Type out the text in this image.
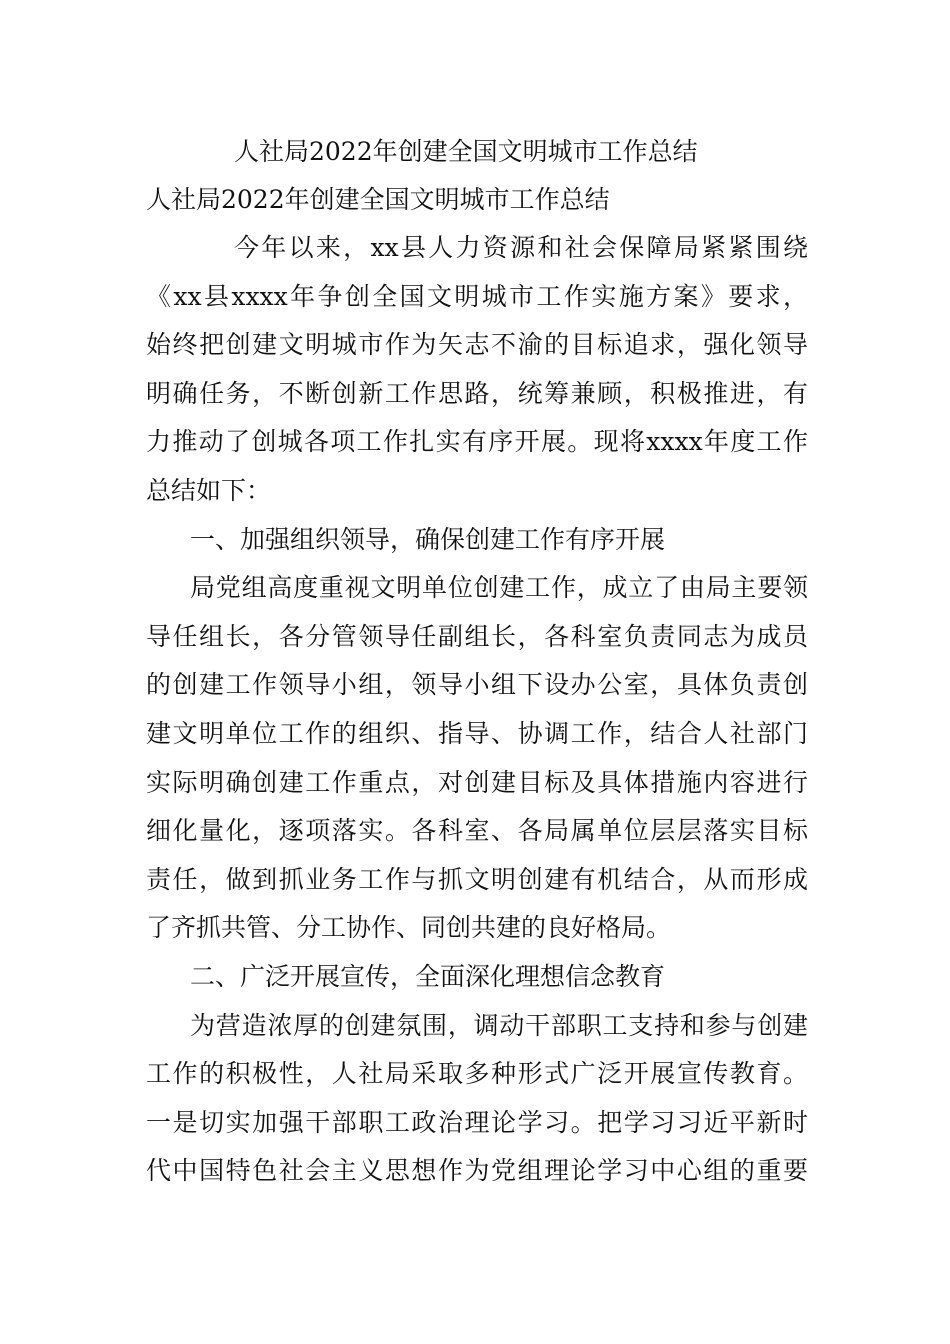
人社局2022年创建全国文明城市工作总结
人社局2022年创建全国文明城市工作总结
今年以来，xx县人力资源和社会保障局紧紧围绕
《xx县xxxx年争创全国文明城市工作实施方案》要求，
始终把创建文明城市作为矢志不渝的目标追求，强化领导
明确任务，不断创新工作思路，统筹兼顾，积极推进，有
力推动了创城各项工作扎实有序开展。现将xxxx年度工作
总结如下：
一、加强组织领导，确保创建工作有序开展
局党组高度重视文明单位创建工作，成立了由局主要领
导任组长，各分管领导任副组长，各科室负责同志为成员
的创建工作领导小组，领导小组下设办公室，具体负责创
建文明单位工作的组织、指导、协调工作，结合人社部门
实际明确创建工作重点，对创建目标及具体措施内容进行
细化量化，逐项落实。各科室、各局属单位层层落实目标
责任，做到抓业务工作与抓文明创建有机结合，从而形成
了齐抓共管、分工协作、同创共建的良好格局。
二、广泛开展宣传，全面深化理想信念教育
为营造浓厚的创建氛围，调动干部职工支持和参与创建
工作的积极性，人社局采取多种形式广泛开展宣传教育。
一是切实加强干部职工政治理论学习。把学习习近平新时
代中国特色社会主义思想作为党组理论学习中心组的重要
